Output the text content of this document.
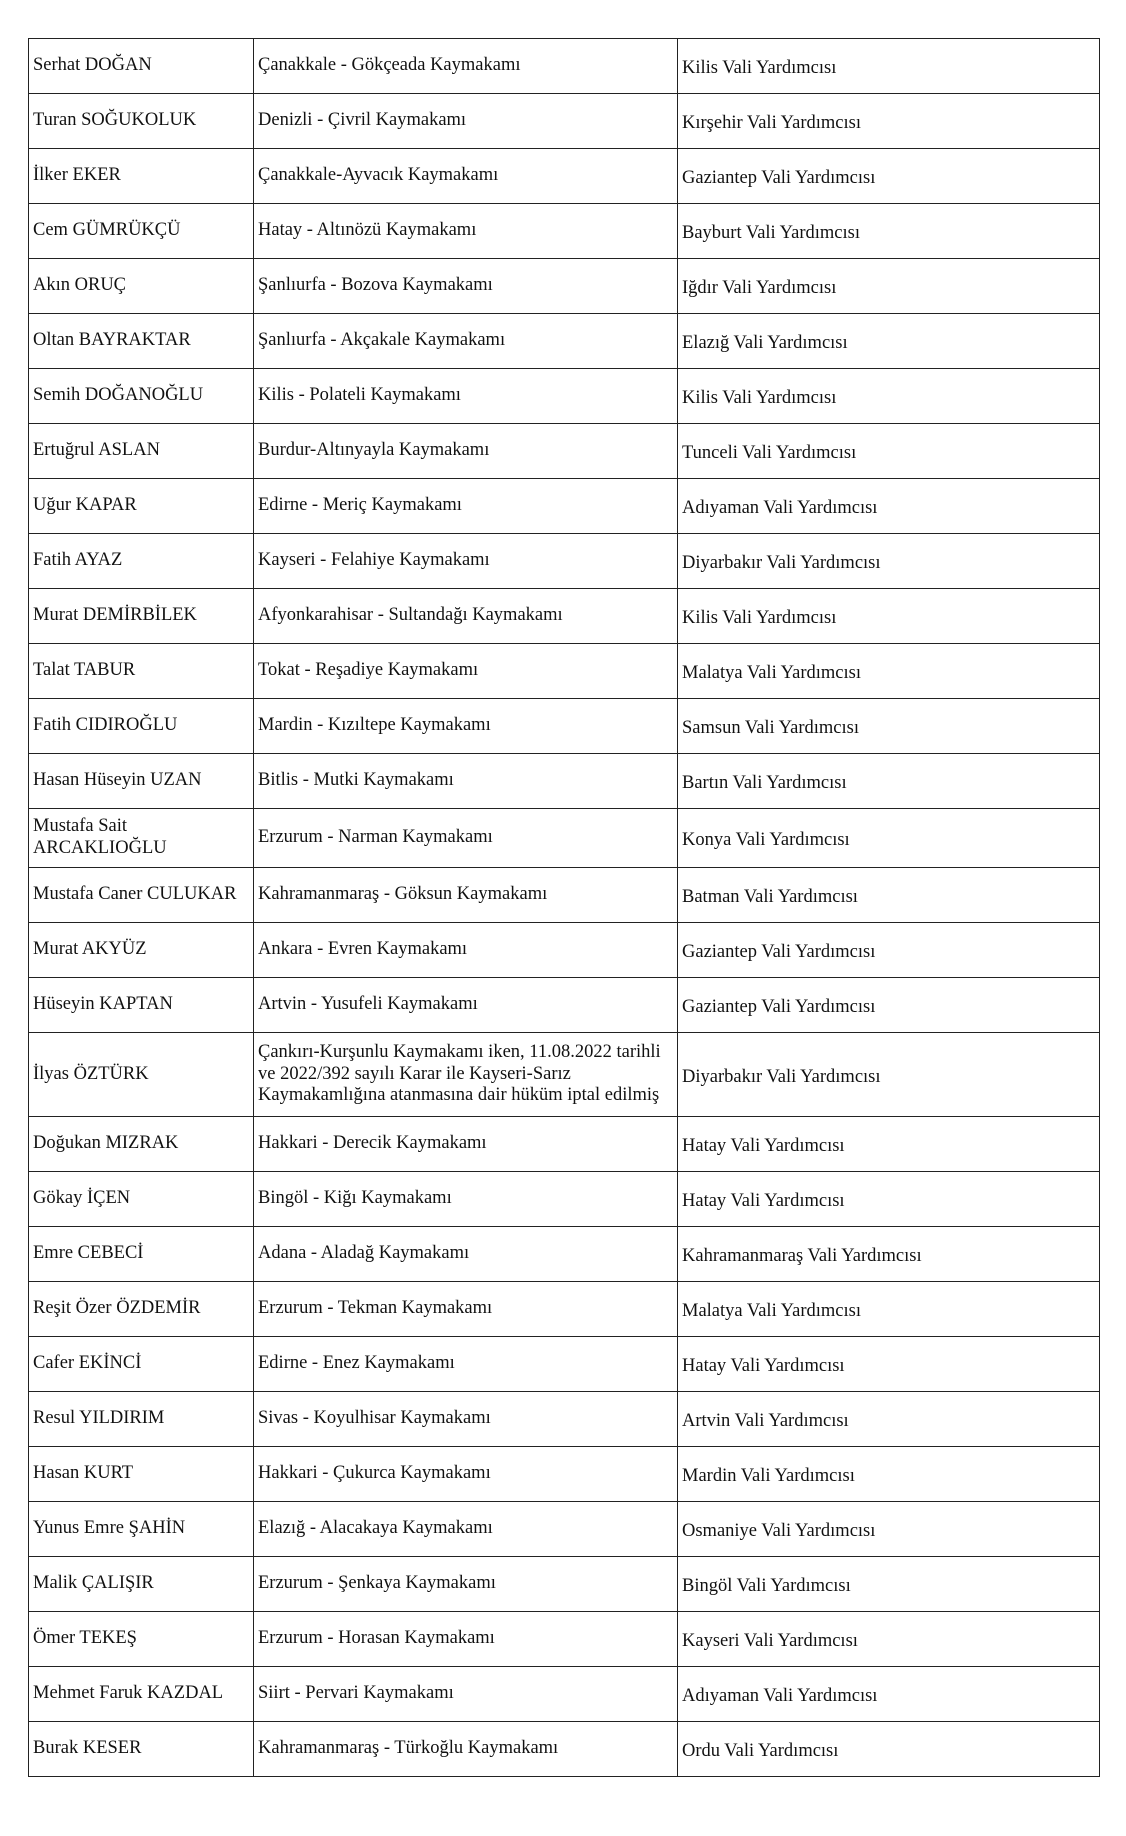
Serhat DOĞAN	Çanakkale - Gökçeada Kaymakamı	Kilis Vali Yardımcısı
Turan SOĞUKOLUK	Denizli - Çivril Kaymakamı	Kırşehir Vali Yardımcısı
İlker EKER	Çanakkale-Ayvacık Kaymakamı	Gaziantep Vali Yardımcısı
Cem GÜMRÜKÇÜ	Hatay - Altınözü Kaymakamı	Bayburt Vali Yardımcısı
Akın ORUÇ	Şanlıurfa - Bozova Kaymakamı	Iğdır Vali Yardımcısı
Oltan BAYRAKTAR	Şanlıurfa - Akçakale Kaymakamı	Elazığ Vali Yardımcısı
Semih DOĞANOĞLU	Kilis - Polateli Kaymakamı	Kilis Vali Yardımcısı
Ertuğrul ASLAN	Burdur-Altınyayla Kaymakamı	Tunceli Vali Yardımcısı
Uğur KAPAR	Edirne - Meriç Kaymakamı	Adıyaman Vali Yardımcısı
Fatih AYAZ	Kayseri - Felahiye Kaymakamı	Diyarbakır Vali Yardımcısı
Murat DEMİRBİLEK	Afyonkarahisar - Sultandağı Kaymakamı	Kilis Vali Yardımcısı
Talat TABUR	Tokat - Reşadiye Kaymakamı	Malatya Vali Yardımcısı
Fatih CIDIROĞLU	Mardin - Kızıltepe Kaymakamı	Samsun Vali Yardımcısı
Hasan Hüseyin UZAN	Bitlis - Mutki Kaymakamı	Bartın Vali Yardımcısı
Mustafa Sait ARCAKLIOĞLU	Erzurum - Narman Kaymakamı	Konya Vali Yardımcısı
Mustafa Caner CULUKAR	Kahramanmaraş - Göksun Kaymakamı	Batman Vali Yardımcısı
Murat AKYÜZ	Ankara - Evren Kaymakamı	Gaziantep Vali Yardımcısı
Hüseyin KAPTAN	Artvin - Yusufeli Kaymakamı	Gaziantep Vali Yardımcısı
İlyas ÖZTÜRK	Çankırı-Kurşunlu Kaymakamı iken, 11.08.2022 tarihli ve 2022/392 sayılı Karar ile Kayseri-Sarız Kaymakamlığına atanmasına dair hüküm iptal edilmiş	Diyarbakır Vali Yardımcısı
Doğukan MIZRAK	Hakkari - Derecik Kaymakamı	Hatay Vali Yardımcısı
Gökay İÇEN	Bingöl - Kiğı Kaymakamı	Hatay Vali Yardımcısı
Emre CEBECİ	Adana - Aladağ Kaymakamı	Kahramanmaraş Vali Yardımcısı
Reşit Özer ÖZDEMİR	Erzurum - Tekman Kaymakamı	Malatya Vali Yardımcısı
Cafer EKİNCİ	Edirne - Enez Kaymakamı	Hatay Vali Yardımcısı
Resul YILDIRIM	Sivas - Koyulhisar Kaymakamı	Artvin Vali Yardımcısı
Hasan KURT	Hakkari - Çukurca Kaymakamı	Mardin Vali Yardımcısı
Yunus Emre ŞAHİN	Elazığ - Alacakaya Kaymakamı	Osmaniye Vali Yardımcısı
Malik ÇALIŞIR	Erzurum - Şenkaya Kaymakamı	Bingöl Vali Yardımcısı
Ömer TEKEŞ	Erzurum - Horasan Kaymakamı	Kayseri Vali Yardımcısı
Mehmet Faruk KAZDAL	Siirt - Pervari Kaymakamı	Adıyaman Vali Yardımcısı
Burak KESER	Kahramanmaraş - Türkoğlu Kaymakamı	Ordu Vali Yardımcısı
